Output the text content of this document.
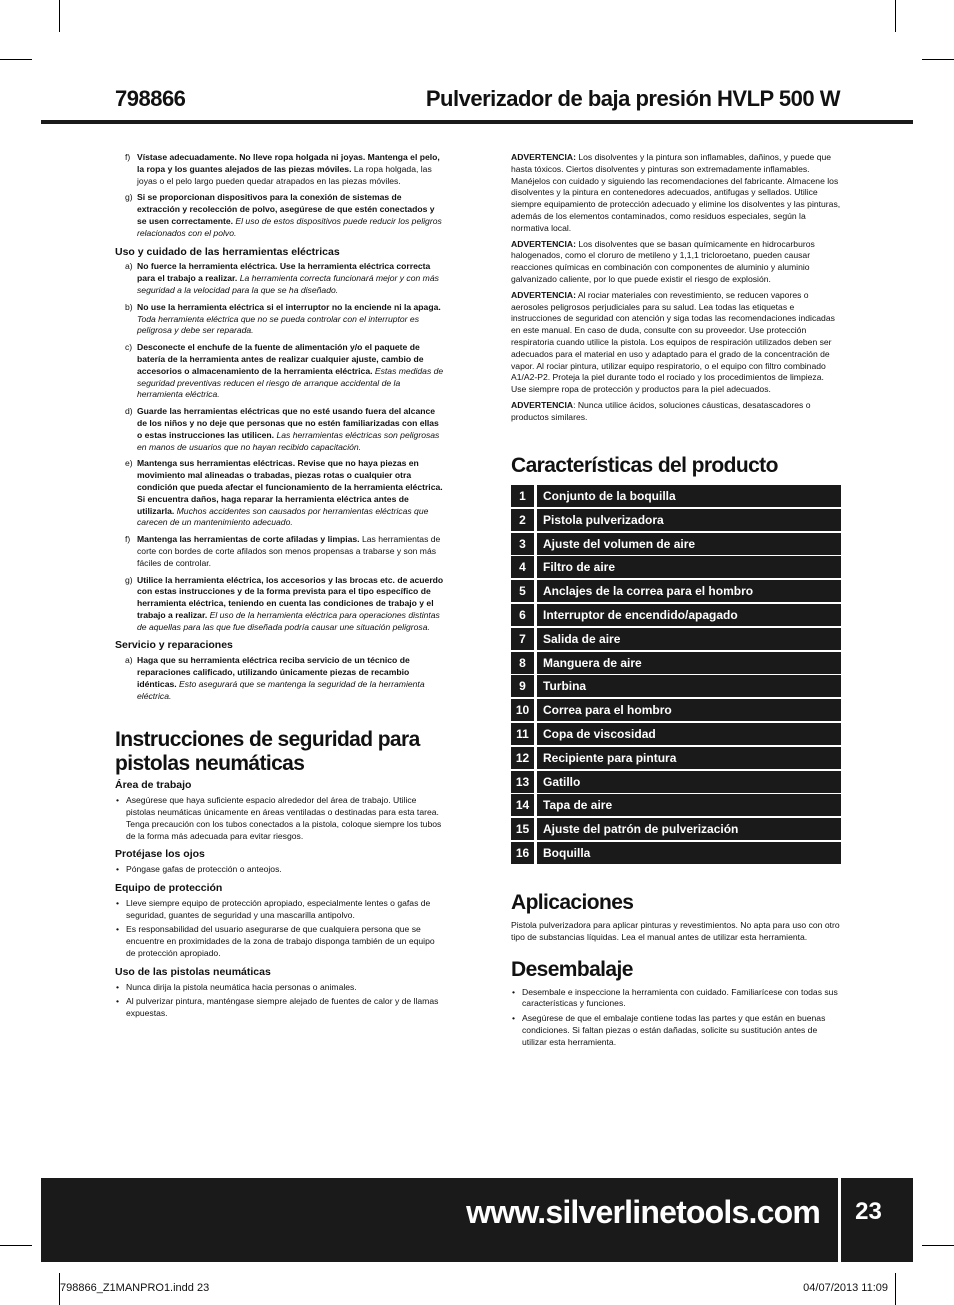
798866	Pulverizador de baja presión HVLP 500 W
f) Vístase adecuadamente. No lleve ropa holgada ni joyas. Mantenga el pelo, la ropa y los guantes alejados de las piezas móviles. La ropa holgada, las joyas o el pelo largo pueden quedar atrapados en las piezas móviles.
g) Si se proporcionan dispositivos para la conexión de sistemas de extracción y recolección de polvo, asegúrese de que estén conectados y se usen correctamente. El uso de estos dispositivos puede reducir los peligros relacionados con el polvo.
Uso y cuidado de las herramientas eléctricas
a) No fuerce la herramienta eléctrica. Use la herramienta eléctrica correcta para el trabajo a realizar. La herramienta correcta funcionará mejor y con más seguridad a la velocidad para la que se ha diseñado.
b) No use la herramienta eléctrica si el interruptor no la enciende ni la apaga. Toda herramienta eléctrica que no se pueda controlar con el interruptor es peligrosa y debe ser reparada.
c) Desconecte el enchufe de la fuente de alimentación y/o el paquete de batería de la herramienta antes de realizar cualquier ajuste, cambio de accesorios o almacenamiento de la herramienta eléctrica. Estas medidas de seguridad preventivas reducen el riesgo de arranque accidental de la herramienta eléctrica.
d) Guarde las herramientas eléctricas que no esté usando fuera del alcance de los niños y no deje que personas que no estén familiarizadas con ellas o estas instrucciones las utilicen. Las herramientas eléctricas son peligrosas en manos de usuarios que no hayan recibido capacitación.
e) Mantenga sus herramientas eléctricas. Revise que no haya piezas en movimiento mal alineadas o trabadas, piezas rotas o cualquier otra condición que pueda afectar el funcionamiento de la herramienta eléctrica. Si encuentra daños, haga reparar la herramienta eléctrica antes de utilizarla. Muchos accidentes son causados por herramientas eléctricas que carecen de un mantenimiento adecuado.
f) Mantenga las herramientas de corte afiladas y limpias. Las herramientas de corte con bordes de corte afilados son menos propensas a trabarse y son más fáciles de controlar.
g) Utilice la herramienta eléctrica, los accesorios y las brocas etc. de acuerdo con estas instrucciones y de la forma prevista para el tipo específico de herramienta eléctrica, teniendo en cuenta las condiciones de trabajo y el trabajo a realizar. El uso de la herramienta eléctrica para operaciones distintas de aquellas para las que fue diseñada podría causar une situación peligrosa.
Servicio y reparaciones
a) Haga que su herramienta eléctrica reciba servicio de un técnico de reparaciones calificado, utilizando únicamente piezas de recambio idénticas. Esto asegurará que se mantenga la seguridad de la herramienta eléctrica.
Instrucciones de seguridad para pistolas neumáticas
Área de trabajo
• Asegúrese que haya suficiente espacio alrededor del área de trabajo. Utilice pistolas neumáticas únicamente en áreas ventiladas o destinadas para esta tarea. Tenga precaución con los tubos conectados a la pistola, coloque siempre los tubos de la forma más adecuada para evitar riesgos.
Protéjase los ojos
• Póngase gafas de protección o anteojos.
Equipo de protección
• Lleve siempre equipo de protección apropiado, especialmente lentes o gafas de seguridad, guantes de seguridad y una mascarilla antipolvo.
• Es responsabilidad del usuario asegurarse de que cualquiera persona que se encuentre en proximidades de la zona de trabajo disponga también de un equipo de protección apropiado.
Uso de las pistolas neumáticas
• Nunca dirija la pistola neumática hacia personas o animales.
• Al pulverizar pintura, manténgase siempre alejado de fuentes de calor y de llamas expuestas.
ADVERTENCIA: Los disolventes y la pintura son inflamables, dañinos, y puede que hasta tóxicos. Ciertos disolventes y pinturas son extremadamente inflamables. Manéjelos con cuidado y siguiendo las recomendaciones del fabricante. Almacene los disolventes y la pintura en contenedores adecuados, antifugas y sellados. Utilice siempre equipamiento de protección adecuado y elimine los disolventes y las pinturas, además de los elementos contaminados, como residuos especiales, según la normativa local.
ADVERTENCIA: Los disolventes que se basan químicamente en hidrocarburos halogenados, como el cloruro de metileno y 1,1,1 tricloroetano, pueden causar reacciones químicas en combinación con componentes de aluminio y aluminio galvanizado caliente, por lo que puede existir el riesgo de explosión.
ADVERTENCIA: Al rociar materiales con revestimiento, se reducen vapores o aerosoles peligrosos perjudiciales para su salud. Lea todas las etiquetas e instrucciones de seguridad con atención y siga todas las recomendaciones indicadas en este manual. En caso de duda, consulte con su proveedor. Use protección respiratoria cuando utilice la pistola. Los equipos de respiración utilizados deben ser adecuados para el material en uso y adaptado para el grado de la concentración de vapor. Al rociar pintura, utilizar equipo respiratorio, o el equipo con filtro combinado A1/A2-P2. Proteja la piel durante todo el rociado y los procedimientos de limpieza. Use siempre ropa de protección y productos para la piel adecuados.
ADVERTENCIA: Nunca utilice ácidos, soluciones cáusticas, desatascadores o productos similares.
Características del producto
1	Conjunto de la boquilla
2	Pistola pulverizadora
3	Ajuste del volumen de aire
4	Filtro de aire
5	Anclajes de la correa para el hombro
6	Interruptor de encendido/apagado
7	Salida de aire
8	Manguera de aire
9	Turbina
10	Correa para el hombro
11	Copa de viscosidad
12	Recipiente para pintura
13	Gatillo
14	Tapa de aire
15	Ajuste del patrón de pulverización
16	Boquilla
Aplicaciones
Pistola pulverizadora para aplicar pinturas y revestimientos. No apta para uso con otro tipo de substancias líquidas. Lea el manual antes de utilizar esta herramienta.
Desembalaje
• Desembale e inspeccione la herramienta con cuidado. Familiarícese con todas sus características y funciones.
• Asegúrese de que el embalaje contiene todas las partes y que están en buenas condiciones. Si faltan piezas o están dañadas, solicite su sustitución antes de utilizar esta herramienta.
www.silverlinetools.com	23
798866_Z1MANPRO1.indd 23	04/07/2013 11:09
